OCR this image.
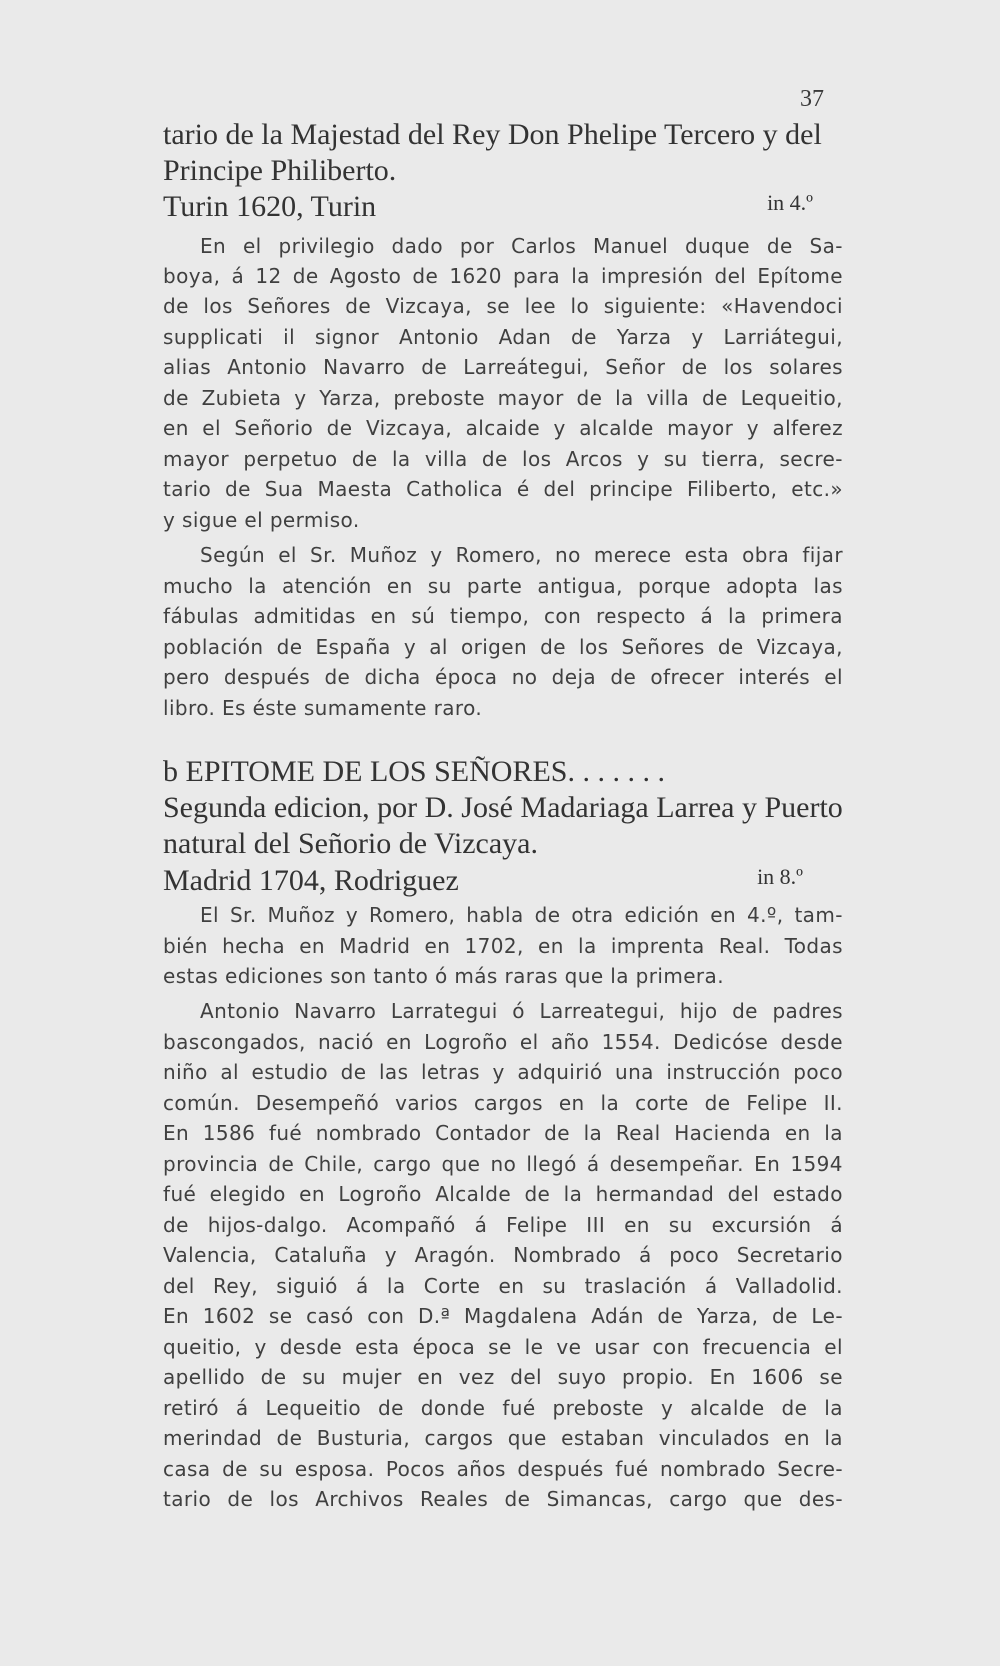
37
tario de la Majestad del Rey Don Phelipe Tercero y del
Principe Philiberto.
Turin 1620, Turin	in 4.º
En el privilegio dado por Carlos Manuel duque de Sa-
boya, á 12 de Agosto de 1620 para la impresión del Epítome
de los Señores de Vizcaya, se lee lo siguiente: «Havendoci
supplicati il signor Antonio Adan de Yarza y Larriátegui,
alias Antonio Navarro de Larreátegui, Señor de los solares
de Zubieta y Yarza, preboste mayor de la villa de Lequeitio,
en el Señorio de Vizcaya, alcaide y alcalde mayor y alferez
mayor perpetuo de la villa de los Arcos y su tierra, secre-
tario de Sua Maesta Catholica é del principe Filiberto, etc.»
y sigue el permiso.
Según el Sr. Muñoz y Romero, no merece esta obra fijar
mucho la atención en su parte antigua, porque adopta las
fábulas admitidas en sú tiempo, con respecto á la primera
población de España y al origen de los Señores de Vizcaya,
pero después de dicha época no deja de ofrecer interés el
libro. Es éste sumamente raro.
b EPITOME DE LOS SEÑORES. . . . . . .
Segunda edicion, por D. José Madariaga Larrea y Puerto
natural del Señorio de Vizcaya.
Madrid 1704, Rodriguez	in 8.º
El Sr. Muñoz y Romero, habla de otra edición en 4.º, tam-
bién hecha en Madrid en 1702, en la imprenta Real. Todas
estas ediciones son tanto ó más raras que la primera.
Antonio Navarro Larrategui ó Larreategui, hijo de padres
bascongados, nació en Logroño el año 1554. Dedicóse desde
niño al estudio de las letras y adquirió una instrucción poco
común. Desempeñó varios cargos en la corte de Felipe II.
En 1586 fué nombrado Contador de la Real Hacienda en la
provincia de Chile, cargo que no llegó á desempeñar. En 1594
fué elegido en Logroño Alcalde de la hermandad del estado
de hijos-dalgo. Acompañó á Felipe III en su excursión á
Valencia, Cataluña y Aragón. Nombrado á poco Secretario
del Rey, siguió á la Corte en su traslación á Valladolid.
En 1602 se casó con D.ª Magdalena Adán de Yarza, de Le-
queitio, y desde esta época se le ve usar con frecuencia el
apellido de su mujer en vez del suyo propio. En 1606 se
retiró á Lequeitio de donde fué preboste y alcalde de la
merindad de Busturia, cargos que estaban vinculados en la
casa de su esposa. Pocos años después fué nombrado Secre-
tario de los Archivos Reales de Simancas, cargo que des-
